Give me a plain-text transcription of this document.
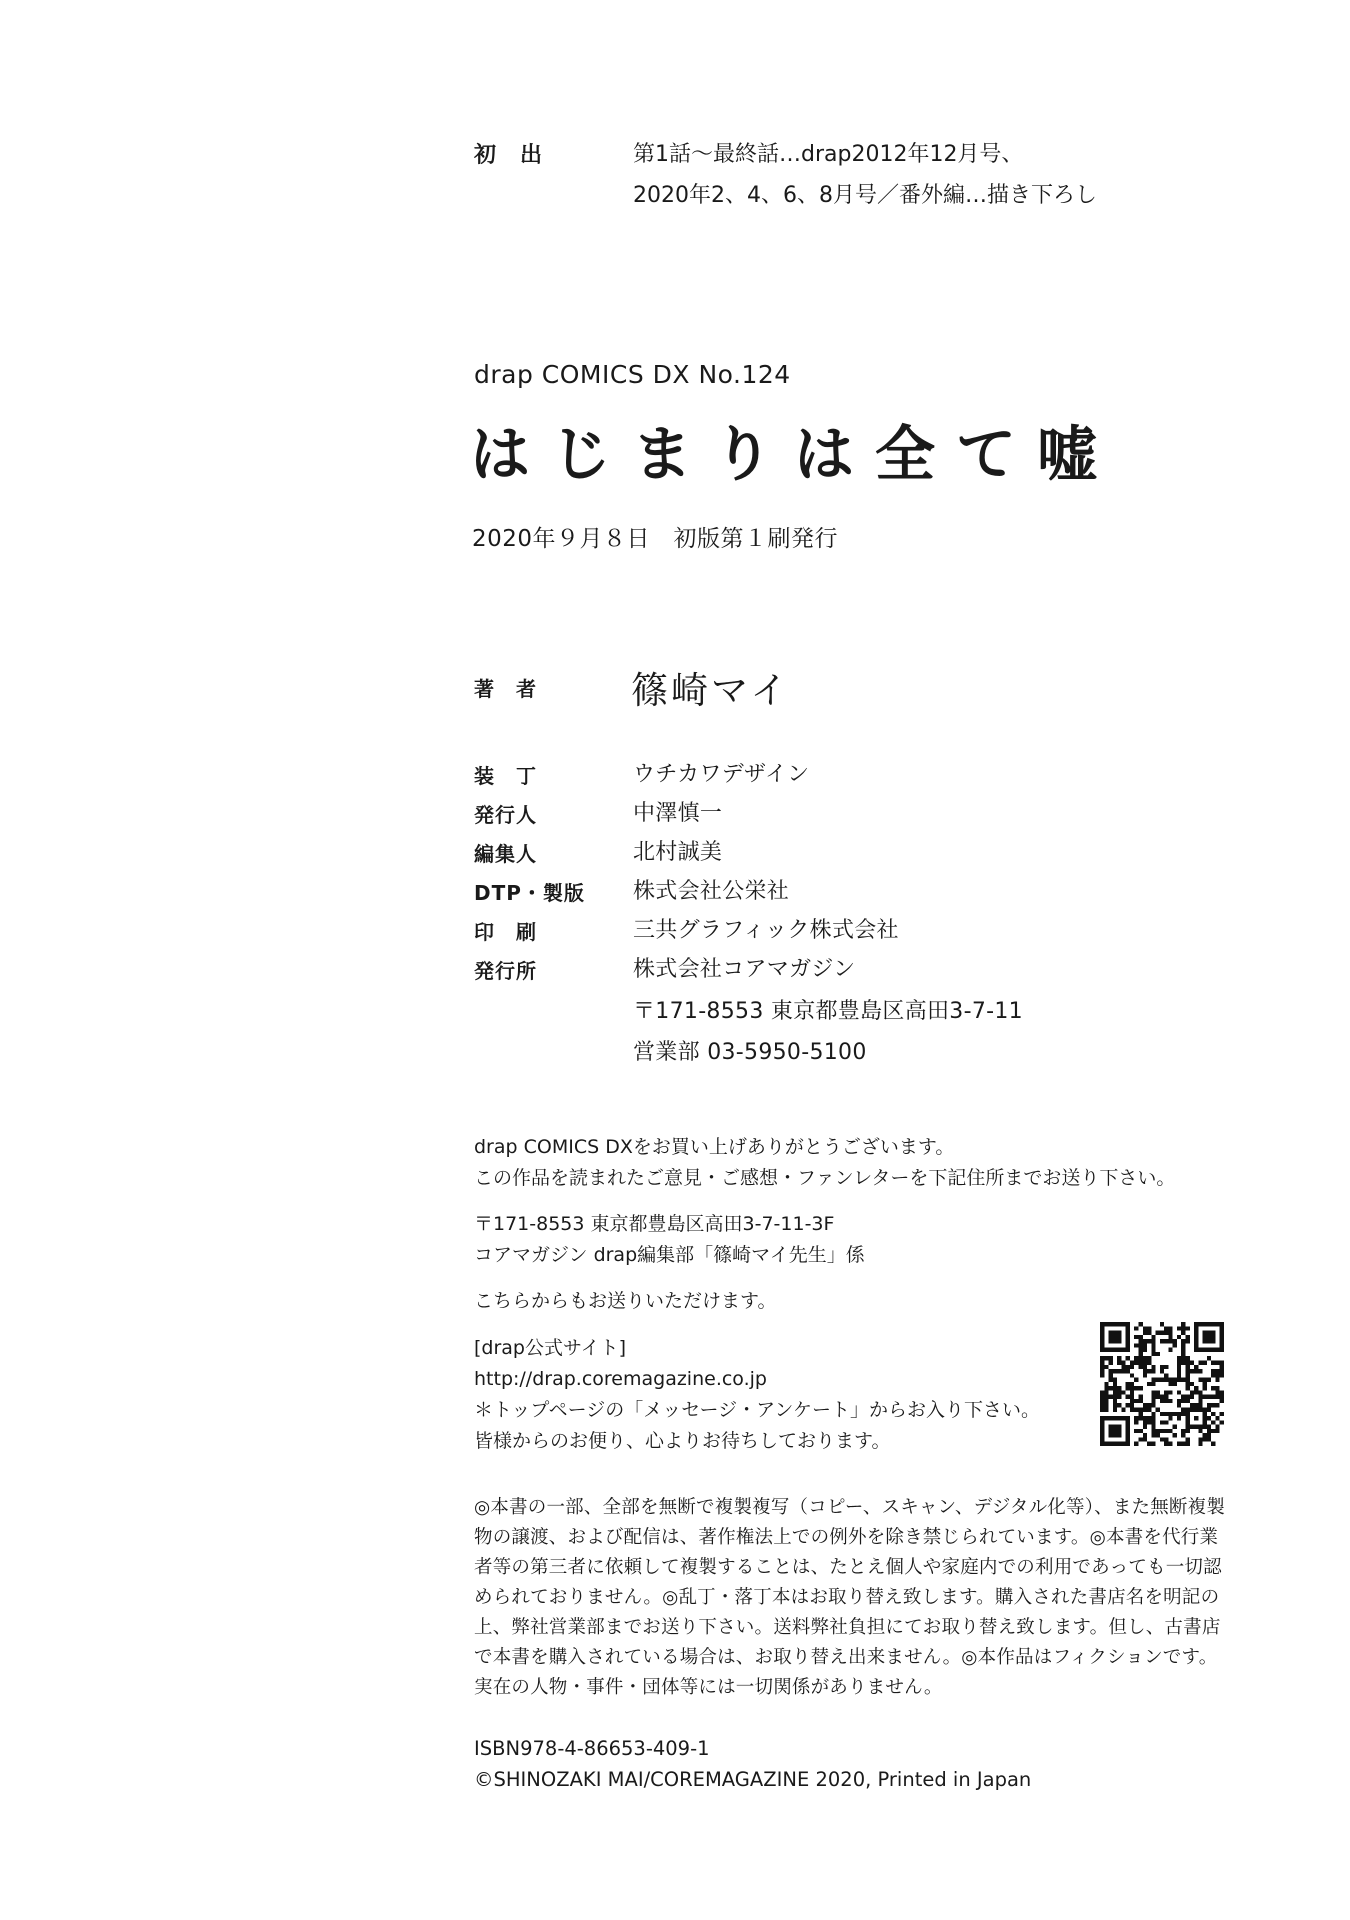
初　出	第1話～最終話…drap2012年12月号、
2020年2、4、6、8月号／番外編…描き下ろし
drap COMICS DX No.124
はじまりは全て嘘
2020年９月８日　初版第１刷発行
著　者	篠崎マイ
装　丁	ウチカワデザイン
発行人	中澤慎一
編集人	北村誠美
DTP・製版 株式会社公栄社
印　刷	三共グラフィック株式会社
発行所	株式会社コアマガジン
〒171-8553 東京都豊島区高田3-7-11
営業部 03-5950-5100
drap COMICS DXをお買い上げありがとうございます。
この作品を読まれたご意見・ご感想・ファンレターを下記住所までお送り下さい。
〒171-8553 東京都豊島区高田3-7-11-3F
コアマガジン drap編集部「篠崎マイ先生」係
こちらからもお送りいただけます。
[drap公式サイト]
http://drap.coremagazine.co.jp
＊トップページの「メッセージ・アンケート」からお入り下さい。
皆様からのお便り、心よりお待ちしております。
◎本書の一部、全部を無断で複製複写（コピー、スキャン、デジタル化等）、また無断複製物の譲渡、および配信は、著作権法上での例外を除き禁じられています。◎本書を代行業者等の第三者に依頼して複製することは、たとえ個人や家庭内での利用であっても一切認められておりません。◎乱丁・落丁本はお取り替え致します。購入された書店名を明記の上、弊社営業部までお送り下さい。送料弊社負担にてお取り替え致します。但し、古書店で本書を購入されている場合は、お取り替え出来ません。◎本作品はフィクションです。実在の人物・事件・団体等には一切関係がありません。
ISBN978-4-86653-409-1
©SHINOZAKI MAI/COREMAGAZINE 2020, Printed in Japan
